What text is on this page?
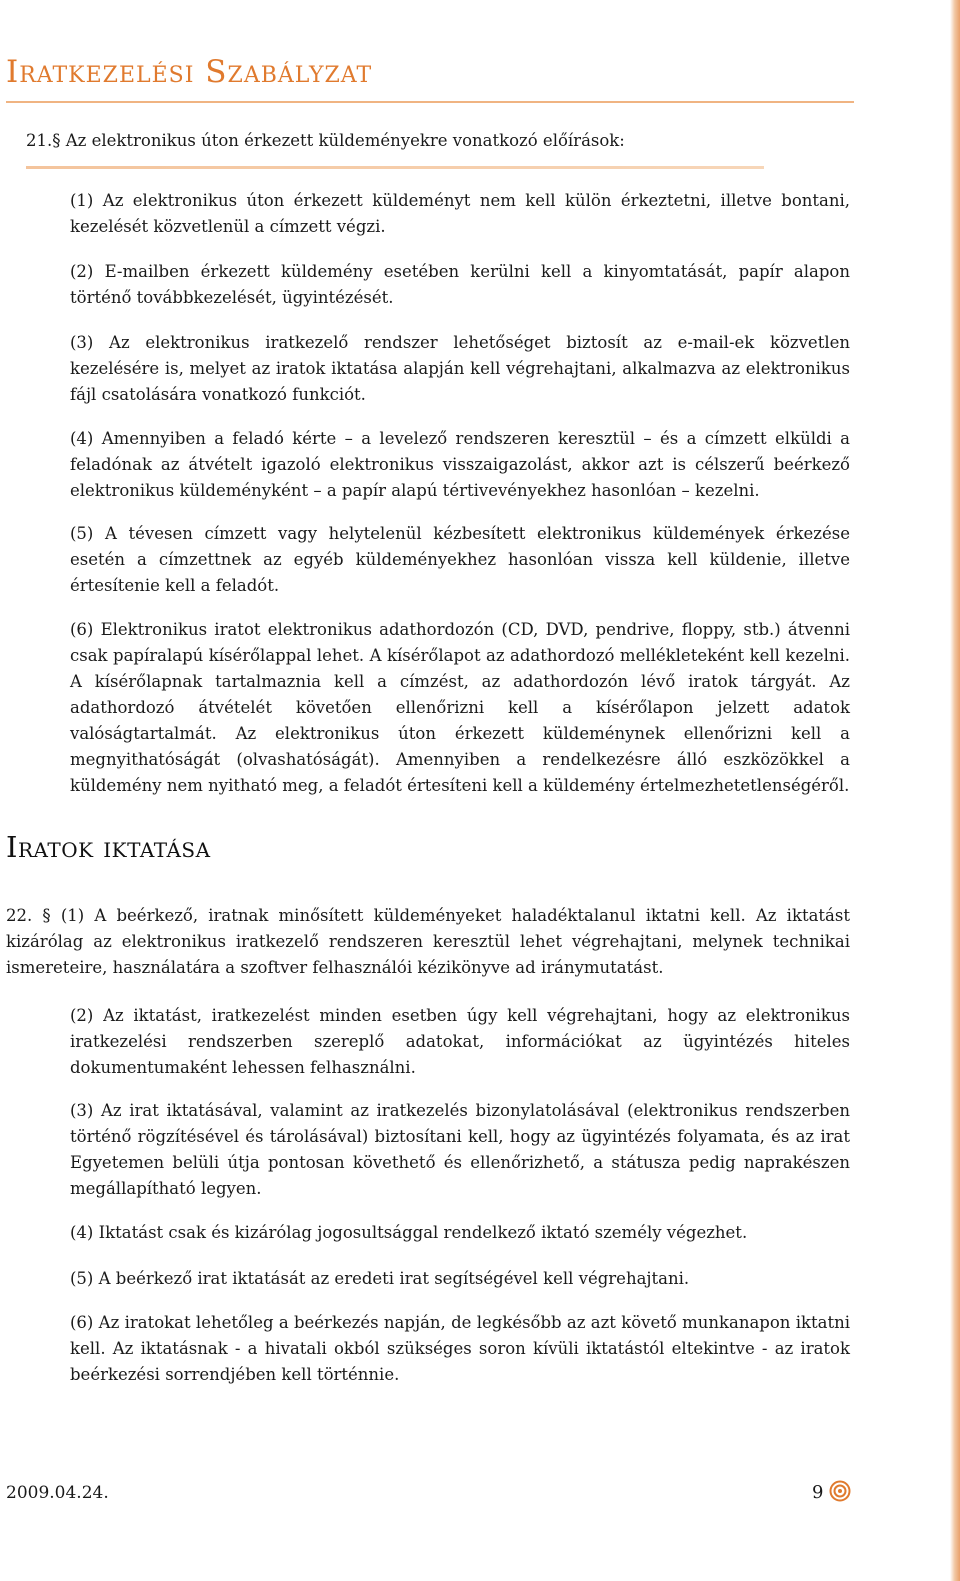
Iratkezelési Szabályzat

21.§ Az elektronikus úton érkezett küldeményekre vonatkozó előírások:

(1) Az elektronikus úton érkezett küldeményt nem kell külön érkeztetni, illetve bontani, kezelését közvetlenül a címzett végzi.

(2) E-mailben érkezett küldemény esetében kerülni kell a kinyomtatását, papír alapon történő továbbkezelését, ügyintézését.

(3) Az elektronikus iratkezelő rendszer lehetőséget biztosít az e-mail-ek közvetlen kezelésére is, melyet az iratok iktatása alapján kell végrehajtani, alkalmazva az elektronikus fájl csatolására vonatkozó funkciót.

(4) Amennyiben a feladó kérte – a levelező rendszeren keresztül – és a címzett elküldi a feladónak az átvételt igazoló elektronikus visszaigazolást, akkor azt is célszerű beérkező elektronikus küldeményként – a papír alapú tértivevényekhez hasonlóan – kezelni.

(5) A tévesen címzett vagy helytelenül kézbesített elektronikus küldemények érkezése esetén a címzettnek az egyéb küldeményekhez hasonlóan vissza kell küldenie, illetve értesítenie kell a feladót.

(6) Elektronikus iratot elektronikus adathordozón (CD, DVD, pendrive, floppy, stb.) átvenni csak papíralapú kísérőlappal lehet. A kísérőlapot az adathordozó mellékleteként kell kezelni. A kísérőlapnak tartalmaznia kell a címzést, az adathordozón lévő iratok tárgyát. Az adathordozó átvételét követően ellenőrizni kell a kísérőlapon jelzett adatok valóságtartalmát. Az elektronikus úton érkezett küldeménynek ellenőrizni kell a megnyithatóságát (olvashatóságát). Amennyiben a rendelkezésre álló eszközökkel a küldemény nem nyitható meg, a feladót értesíteni kell a küldemény értelmezhetetlenségéről.

Iratok iktatása

22. § (1) A beérkező, iratnak minősített küldeményeket haladéktalanul iktatni kell. Az iktatást kizárólag az elektronikus iratkezelő rendszeren keresztül lehet végrehajtani, melynek technikai ismereteire, használatára a szoftver felhasználói kézikönyve ad iránymutatást.

(2) Az iktatást, iratkezelést minden esetben úgy kell végrehajtani, hogy az elektronikus iratkezelési rendszerben szereplő adatokat, információkat az ügyintézés hiteles dokumentumaként lehessen felhasználni.

(3) Az irat iktatásával, valamint az iratkezelés bizonylatolásával (elektronikus rendszerben történő rögzítésével és tárolásával) biztosítani kell, hogy az ügyintézés folyamata, és az irat Egyetemen belüli útja pontosan követhető és ellenőrizhető, a státusza pedig naprakészen megállapítható legyen.

(4) Iktatást csak és kizárólag jogosultsággal rendelkező iktató személy végezhet.

(5) A beérkező irat iktatását az eredeti irat segítségével kell végrehajtani.

(6) Az iratokat lehetőleg a beérkezés napján, de legkésőbb az azt követő munkanapon iktatni kell. Az iktatásnak - a hivatali okból szükséges soron kívüli iktatástól eltekintve - az iratok beérkezési sorrendjében kell történnie.

2009.04.24.	9
